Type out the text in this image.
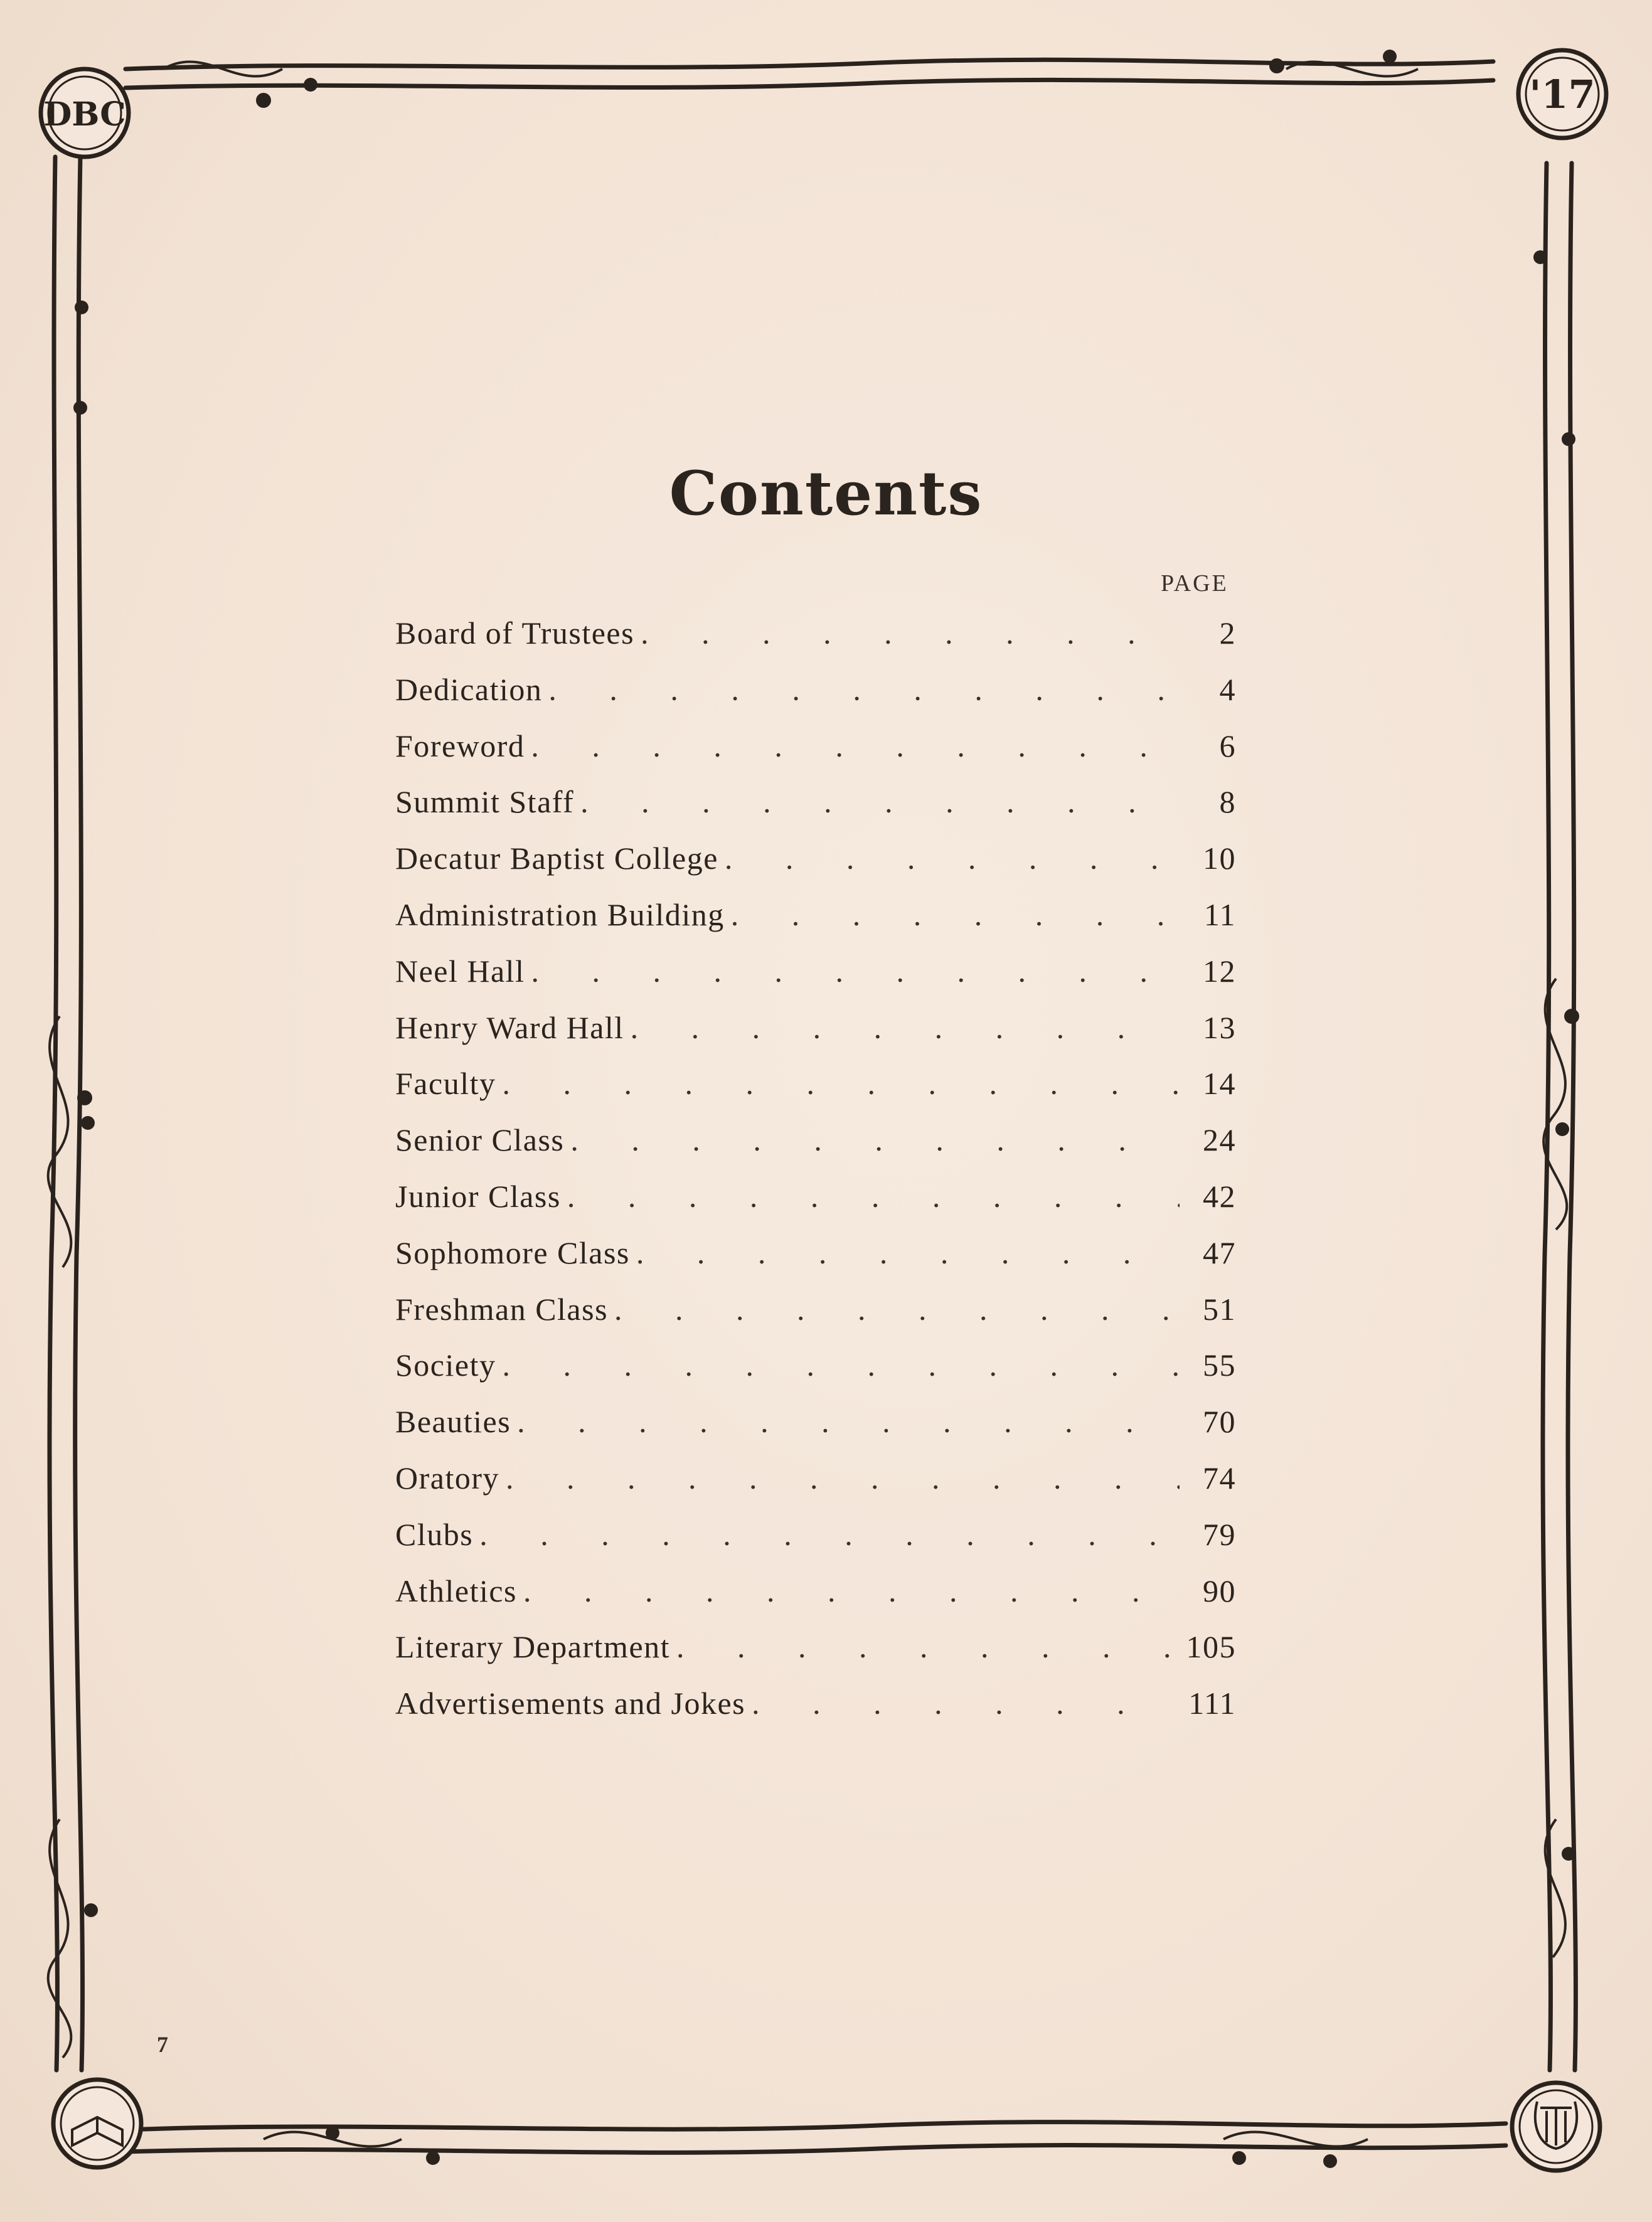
DBC	'17
Contents
PAGE
Board of Trustees . . .	2
Dedication . . .	4
Foreword . . .	6
Summit Staff . . .	8
Decatur Baptist College . . .	10
Administration Building . . .	11
Neel Hall . . .	12
Henry Ward Hall . . .	13
Faculty . . .	14
Senior Class . . .	24
Junior Class . . .	42
Sophomore Class . . .	47
Freshman Class . . .	51
Society . . .	55
Beauties . . .	70
Oratory . . .	74
Clubs . . .	79
Athletics . . .	90
Literary Department . . .	105
Advertisements and Jokes . . .	111
7
